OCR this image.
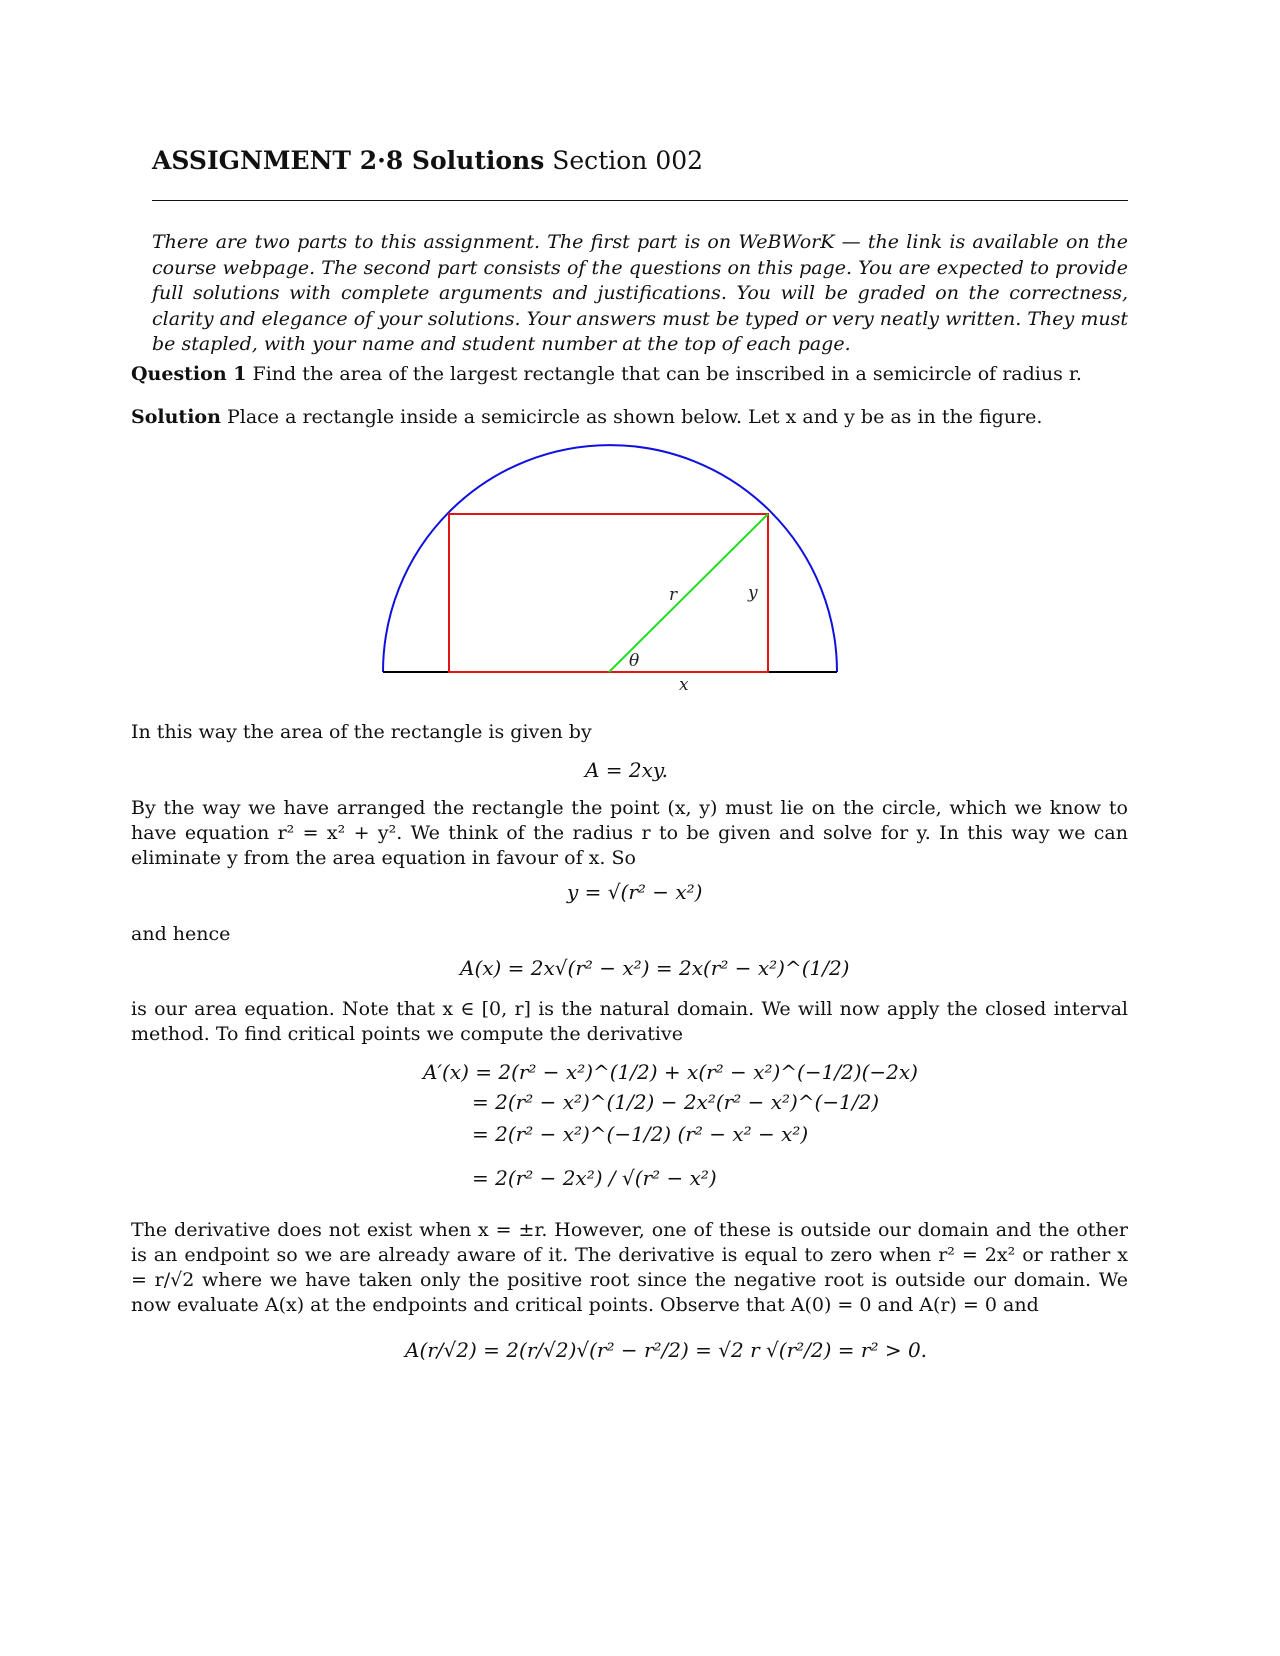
ASSIGNMENT 2·8 Solutions Section 002
There are two parts to this assignment. The first part is on WeBWorK — the link is available on the course webpage. The second part consists of the questions on this page. You are expected to provide full solutions with complete arguments and justifications. You will be graded on the correctness, clarity and elegance of your solutions. Your answers must be typed or very neatly written. They must be stapled, with your name and student number at the top of each page.
Question 1 Find the area of the largest rectangle that can be inscribed in a semicircle of radius r.
Solution Place a rectangle inside a semicircle as shown below. Let x and y be as in the figure.
r	y
θ
x
In this way the area of the rectangle is given by
A = 2xy.
By the way we have arranged the rectangle the point (x, y) must lie on the circle, which we know to have equation r² = x² + y². We think of the radius r to be given and solve for y. In this way we can eliminate y from the area equation in favour of x. So
y = √(r² − x²)
and hence
A(x) = 2x√(r² − x²) = 2x(r² − x²)^(1/2)
is our area equation. Note that x ∈ [0, r] is the natural domain. We will now apply the closed interval method. To find critical points we compute the derivative
A′(x) = 2(r² − x²)^(1/2) + x(r² − x²)^(−1/2)(−2x)
= 2(r² − x²)^(1/2) − 2x²(r² − x²)^(−1/2)
= 2(r² − x²)^(−1/2) (r² − x² − x²)
= 2(r² − 2x²) / √(r² − x²)
The derivative does not exist when x = ±r. However, one of these is outside our domain and the other is an endpoint so we are already aware of it. The derivative is equal to zero when r² = 2x² or rather x = r/√2 where we have taken only the positive root since the negative root is outside our domain. We now evaluate A(x) at the endpoints and critical points. Observe that A(0) = 0 and A(r) = 0 and
A(r/√2) = 2(r/√2)√(r² − r²/2) = √2 r √(r²/2) = r² > 0.
